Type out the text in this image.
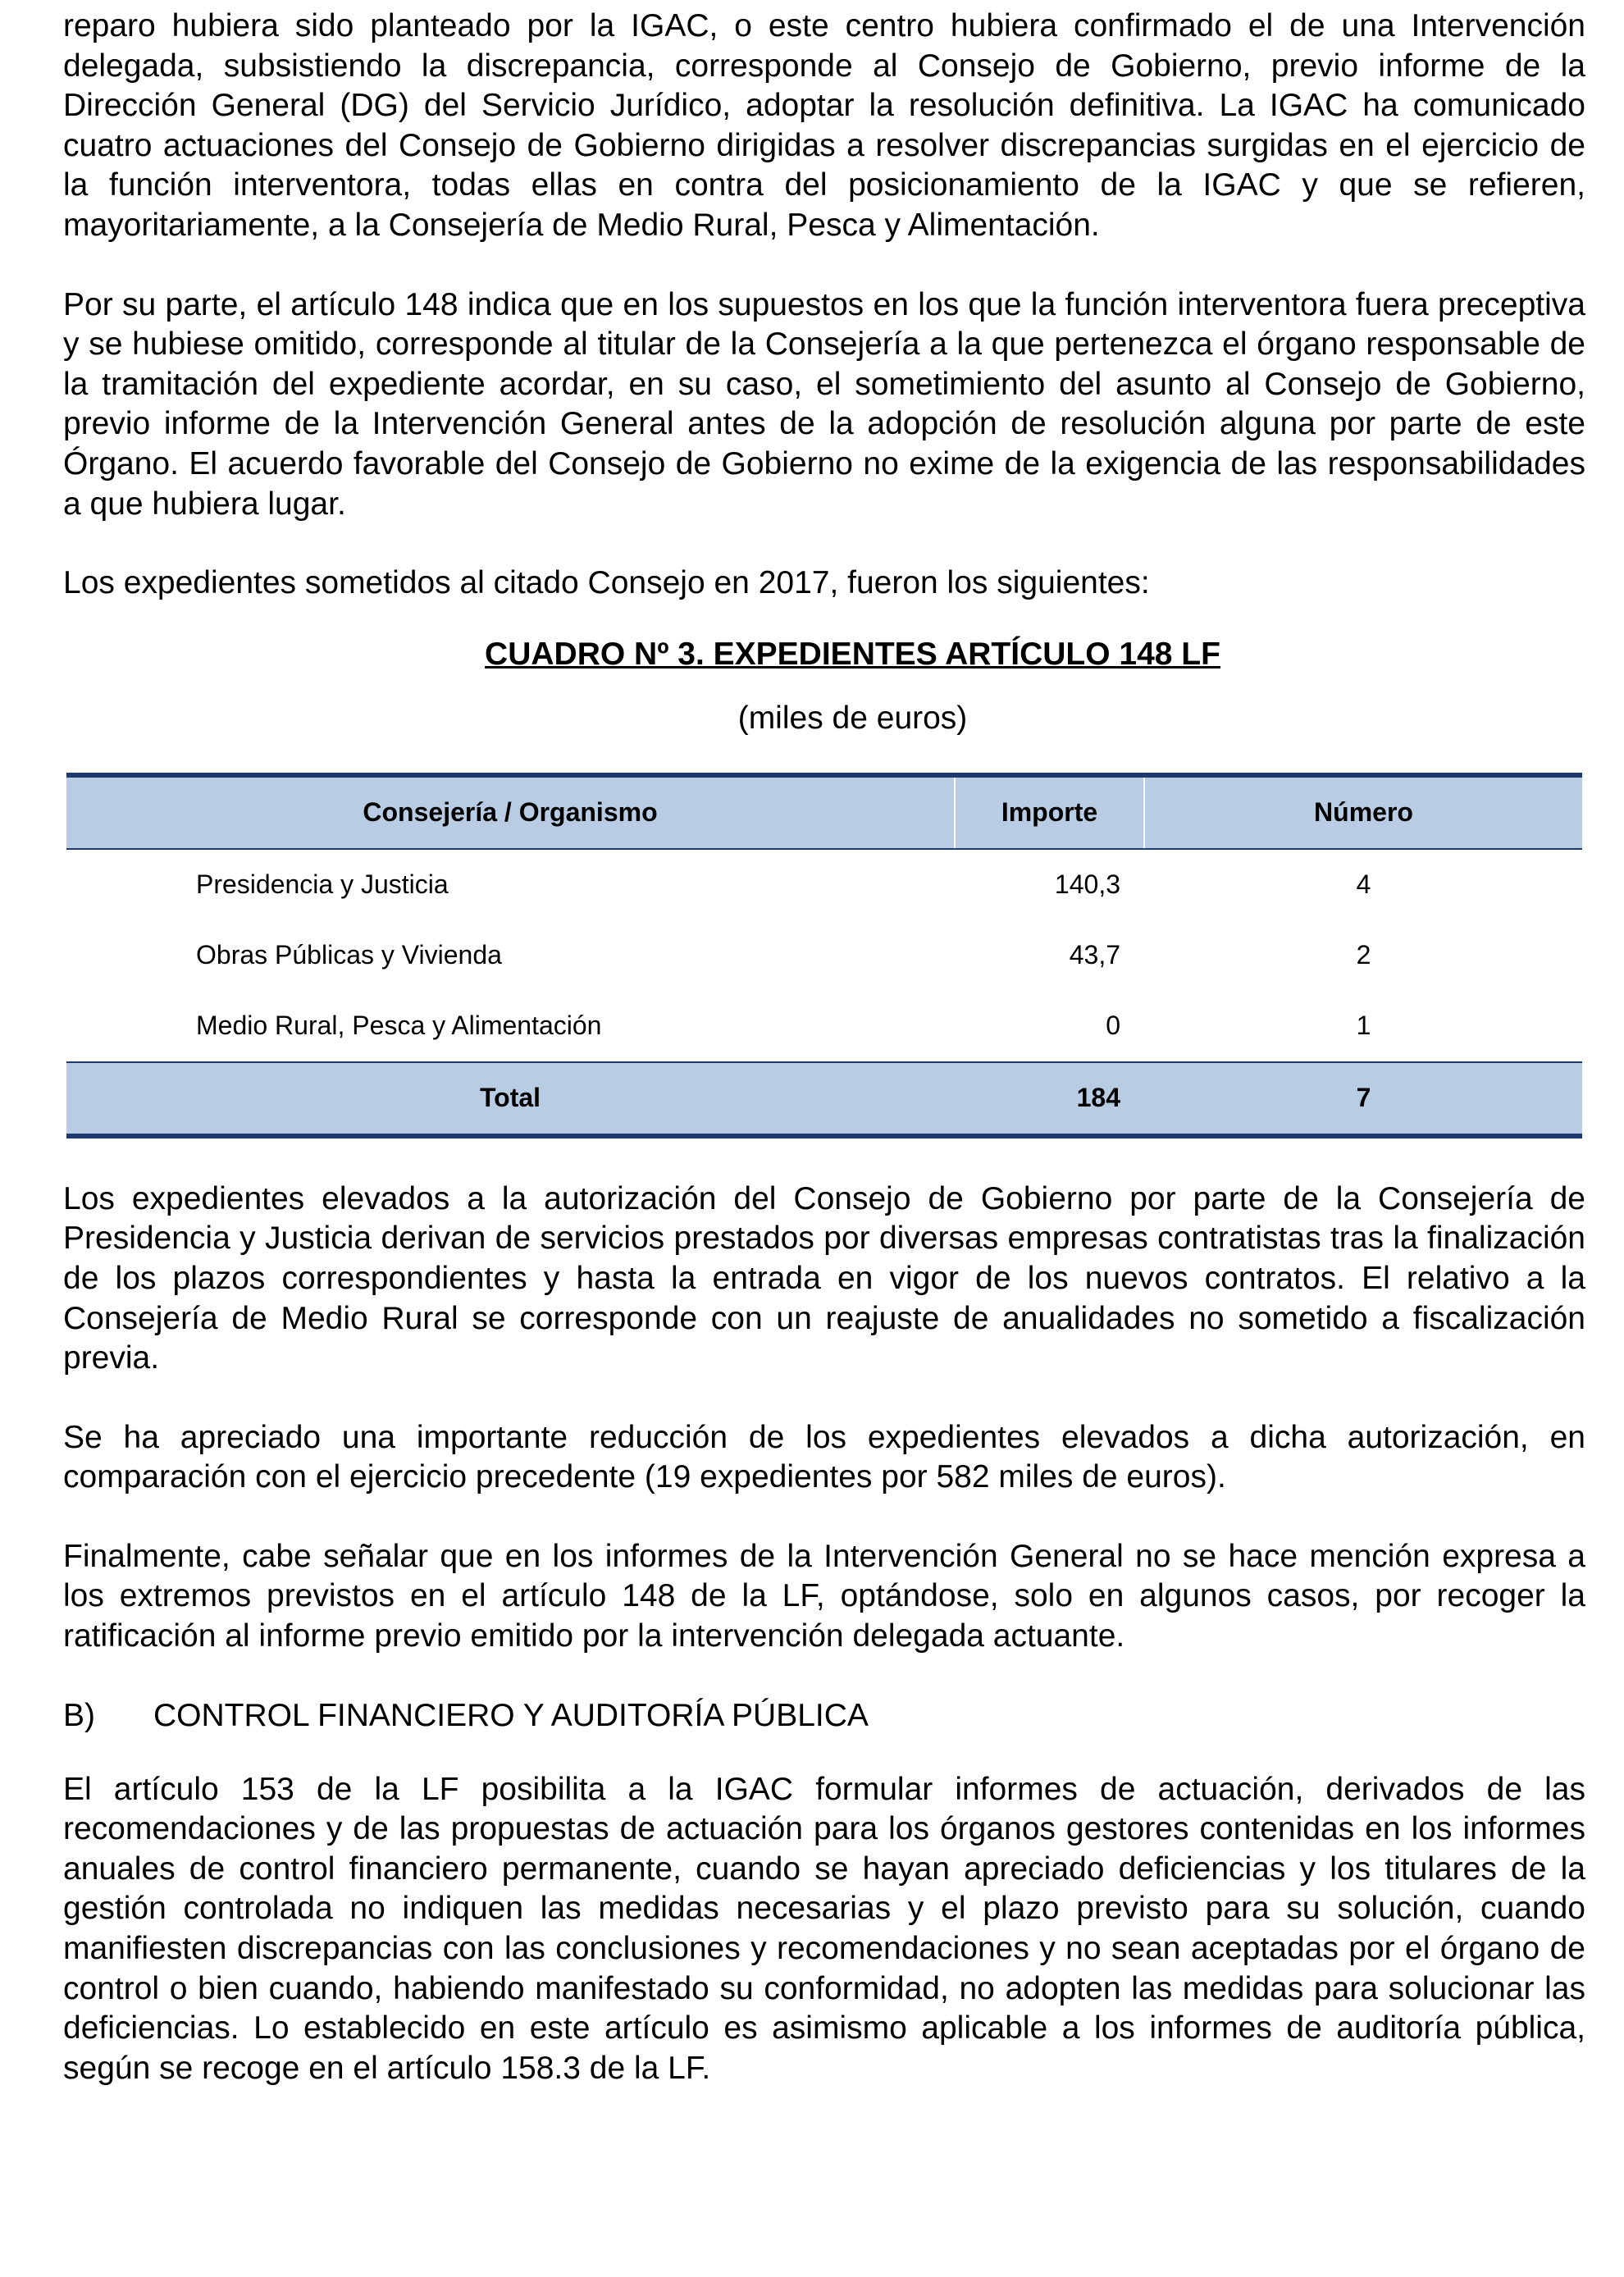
reparo hubiera sido planteado por la IGAC, o este centro hubiera confirmado el de una Intervención delegada, subsistiendo la discrepancia, corresponde al Consejo de Gobierno, previo informe de la Dirección General (DG) del Servicio Jurídico, adoptar la resolución definitiva. La IGAC ha comunicado cuatro actuaciones del Consejo de Gobierno dirigidas a resolver discrepancias surgidas en el ejercicio de la función interventora, todas ellas en contra del posicionamiento de la IGAC y que se refieren, mayoritariamente, a la Consejería de Medio Rural, Pesca y Alimentación.

Por su parte, el artículo 148 indica que en los supuestos en los que la función interventora fuera preceptiva y se hubiese omitido, corresponde al titular de la Consejería a la que pertenezca el órgano responsable de la tramitación del expediente acordar, en su caso, el sometimiento del asunto al Consejo de Gobierno, previo informe de la Intervención General antes de la adopción de resolución alguna por parte de este Órgano. El acuerdo favorable del Consejo de Gobierno no exime de la exigencia de las responsabilidades a que hubiera lugar.

Los expedientes sometidos al citado Consejo en 2017, fueron los siguientes:

CUADRO Nº 3. EXPEDIENTES ARTÍCULO 148 LF
(miles de euros)
Consejería / Organismo	Importe	Número
Presidencia y Justicia	140,3	4
Obras Públicas y Vivienda	43,7	2
Medio Rural, Pesca y Alimentación	0	1
Total	184	7

Los expedientes elevados a la autorización del Consejo de Gobierno por parte de la Consejería de Presidencia y Justicia derivan de servicios prestados por diversas empresas contratistas tras la finalización de los plazos correspondientes y hasta la entrada en vigor de los nuevos contratos. El relativo a la Consejería de Medio Rural se corresponde con un reajuste de anualidades no sometido a fiscalización previa.

Se ha apreciado una importante reducción de los expedientes elevados a dicha autorización, en comparación con el ejercicio precedente (19 expedientes por 582 miles de euros).

Finalmente, cabe señalar que en los informes de la Intervención General no se hace mención expresa a los extremos previstos en el artículo 148 de la LF, optándose, solo en algunos casos, por recoger la ratificación al informe previo emitido por la intervención delegada actuante.

B)	CONTROL FINANCIERO Y AUDITORÍA PÚBLICA

El artículo 153 de la LF posibilita a la IGAC formular informes de actuación, derivados de las recomendaciones y de las propuestas de actuación para los órganos gestores contenidas en los informes anuales de control financiero permanente, cuando se hayan apreciado deficiencias y los titulares de la gestión controlada no indiquen las medidas necesarias y el plazo previsto para su solución, cuando manifiesten discrepancias con las conclusiones y recomendaciones y no sean aceptadas por el órgano de control o bien cuando, habiendo manifestado su conformidad, no adopten las medidas para solucionar las deficiencias. Lo establecido en este artículo es asimismo aplicable a los informes de auditoría pública, según se recoge en el artículo 158.3 de la LF.
